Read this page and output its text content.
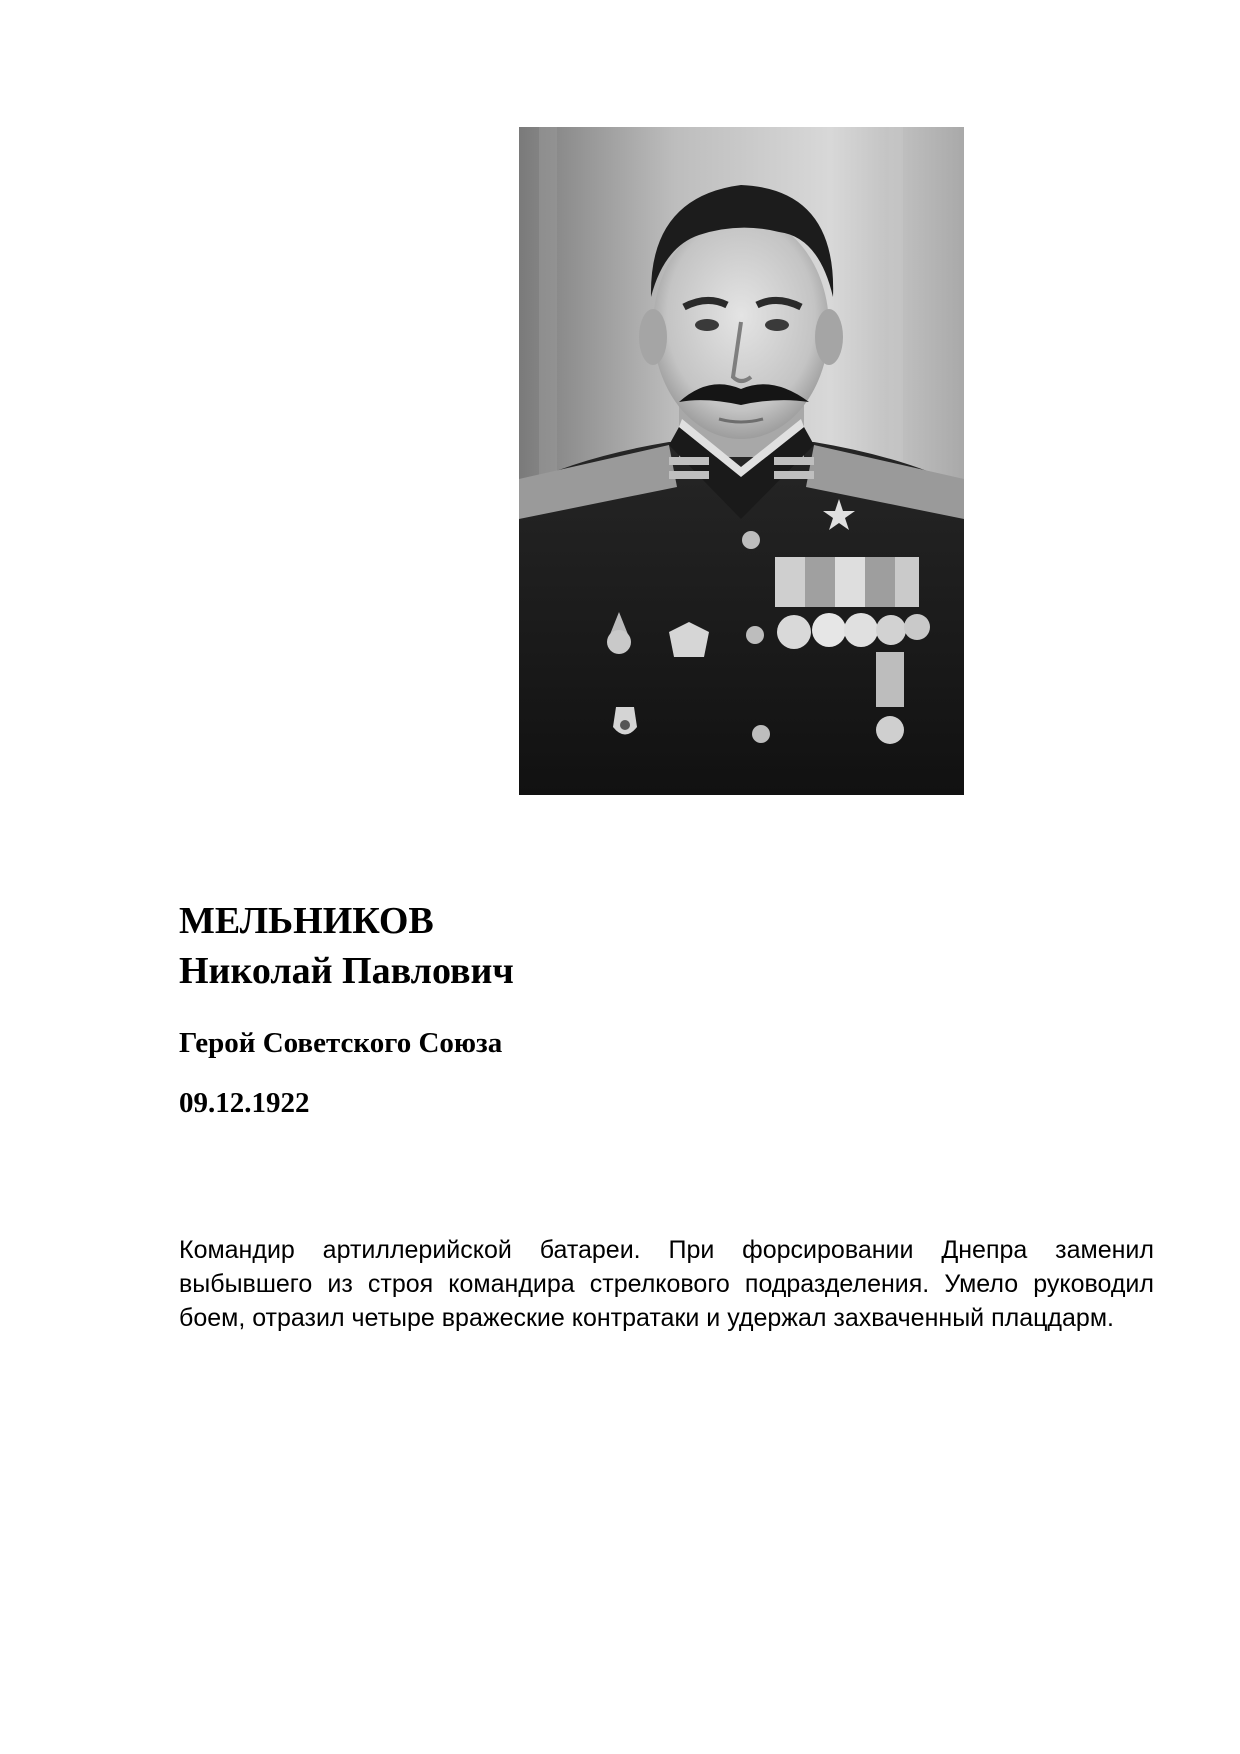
МЕЛЬНИКОВ
Николай Павлович
Герой Советского Союза
09.12.1922

Командир артиллерийской батареи. При форсировании Днепра заменил выбывшего из строя командира стрелкового подразделения. Умело руководил боем, отразил четыре вражеские контратаки и удержал захваченный плацдарм.
